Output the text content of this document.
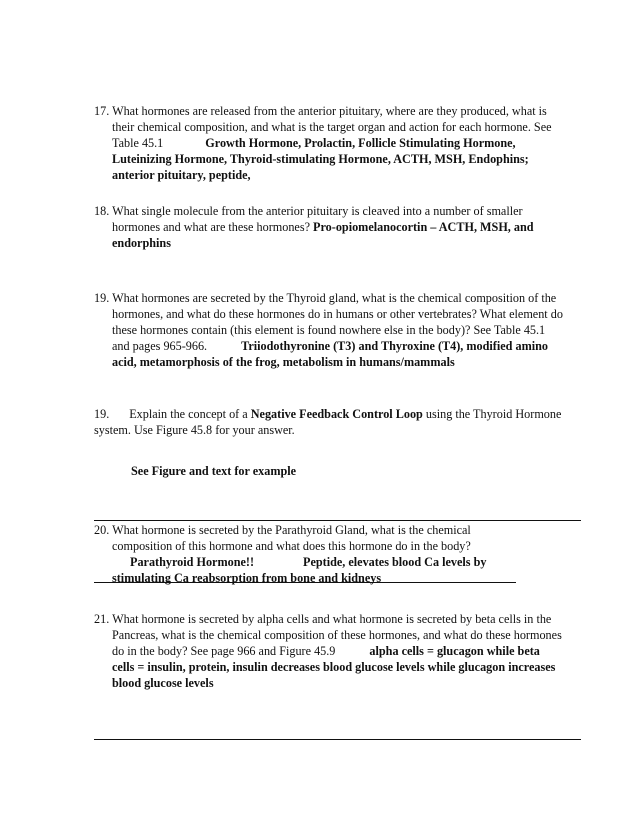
17. What hormones are released from the anterior pituitary, where are they produced, what is
their chemical composition, and what is the target organ and action for each hormone. See
Table 45.1	Growth Hormone, Prolactin, Follicle Stimulating Hormone,
Luteinizing Hormone, Thyroid-stimulating Hormone, ACTH, MSH, Endophins;
anterior pituitary, peptide,
18. What single molecule from the anterior pituitary is cleaved into a number of smaller
hormones and what are these hormones? Pro-opiomelanocortin – ACTH, MSH, and
endorphins
19. What hormones are secreted by the Thyroid gland, what is the chemical composition of the
hormones, and what do these hormones do in humans or other vertebrates? What element do
these hormones contain (this element is found nowhere else in the body)? See Table 45.1
and pages 965-966.	Triiodothyronine (T3) and Thyroxine (T4), modified amino
acid, metamorphosis of the frog, metabolism in humans/mammals
19. Explain the concept of a Negative Feedback Control Loop using the Thyroid Hormone
system. Use Figure 45.8 for your answer.
See Figure and text for example
20. What hormone is secreted by the Parathyroid Gland, what is the chemical
composition of this hormone and what does this hormone do in the body?
Parathyroid Hormone!!	Peptide, elevates blood Ca levels by
stimulating Ca reabsorption from bone and kidneys
21. What hormone is secreted by alpha cells and what hormone is secreted by beta cells in the
Pancreas, what is the chemical composition of these hormones, and what do these hormones
do in the body? See page 966 and Figure 45.9	alpha cells = glucagon while beta
cells = insulin, protein, insulin decreases blood glucose levels while glucagon increases
blood glucose levels
